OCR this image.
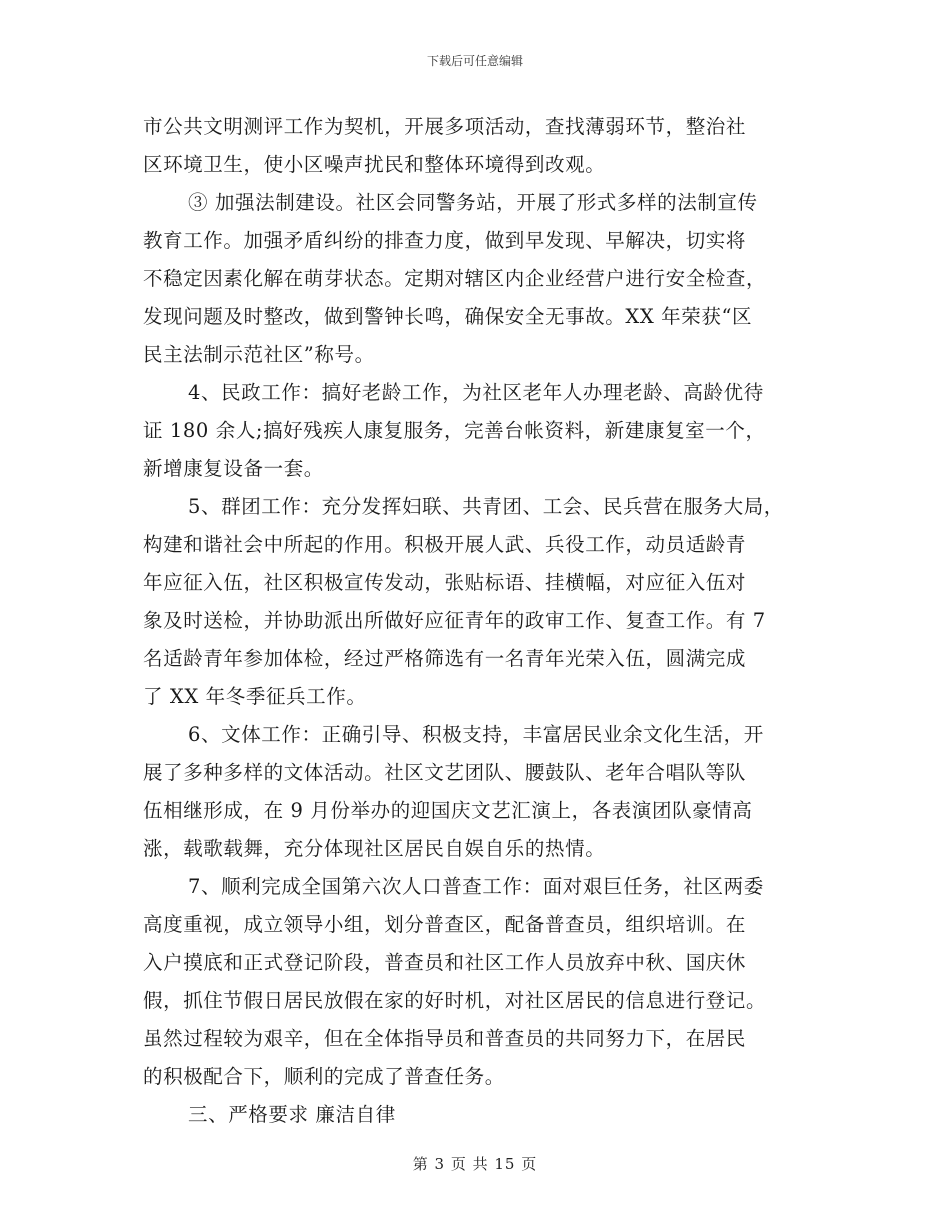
下载后可任意编辑
市公共文明测评工作为契机，开展多项活动，查找薄弱环节，整治社
区环境卫生，使小区噪声扰民和整体环境得到改观。
③ 加强法制建设。社区会同警务站，开展了形式多样的法制宣传
教育工作。加强矛盾纠纷的排查力度，做到早发现、早解决，切实将
不稳定因素化解在萌芽状态。定期对辖区内企业经营户进行安全检查，
发现问题及时整改，做到警钟长鸣，确保安全无事故。XX 年荣获“区
民主法制示范社区”称号。
4、民政工作：搞好老龄工作，为社区老年人办理老龄、高龄优待
证 180 余人;搞好残疾人康复服务，完善台帐资料，新建康复室一个，
新增康复设备一套。
5、群团工作：充分发挥妇联、共青团、工会、民兵营在服务大局，
构建和谐社会中所起的作用。积极开展人武、兵役工作，动员适龄青
年应征入伍，社区积极宣传发动，张贴标语、挂横幅，对应征入伍对
象及时送检，并协助派出所做好应征青年的政审工作、复查工作。有 7
名适龄青年参加体检，经过严格筛选有一名青年光荣入伍，圆满完成
了 XX 年冬季征兵工作。
6、文体工作：正确引导、积极支持，丰富居民业余文化生活，开
展了多种多样的文体活动。社区文艺团队、腰鼓队、老年合唱队等队
伍相继形成，在 9 月份举办的迎国庆文艺汇演上，各表演团队豪情高
涨，载歌载舞，充分体现社区居民自娱自乐的热情。
7、顺利完成全国第六次人口普查工作：面对艰巨任务，社区两委
高度重视，成立领导小组，划分普查区，配备普查员，组织培训。在
入户摸底和正式登记阶段，普查员和社区工作人员放弃中秋、国庆休
假，抓住节假日居民放假在家的好时机，对社区居民的信息进行登记。
虽然过程较为艰辛，但在全体指导员和普查员的共同努力下，在居民
的积极配合下，顺利的完成了普查任务。
三、严格要求 廉洁自律
第 3 页 共 15 页
